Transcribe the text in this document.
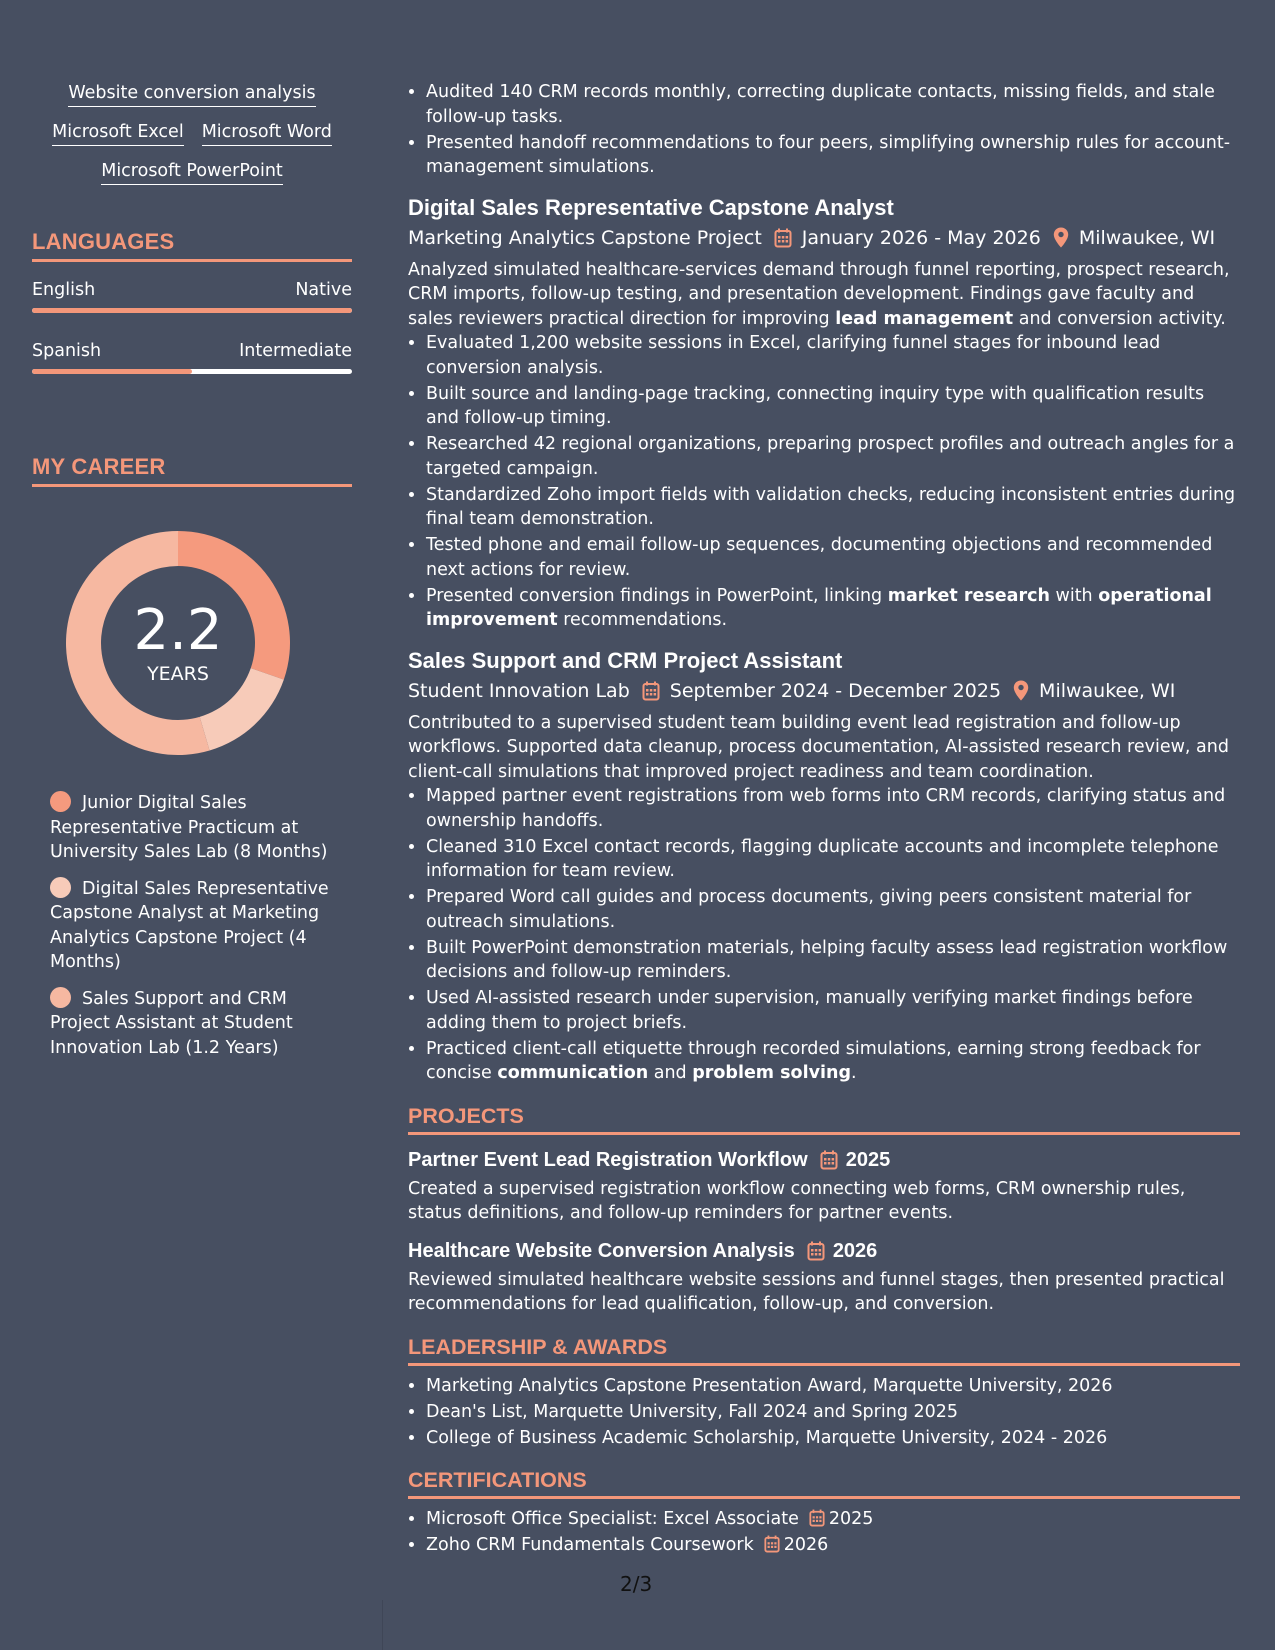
Website conversion analysis
Microsoft Excel Microsoft Word
Microsoft PowerPoint
LANGUAGES
English	Native
Spanish	Intermediate
MY CAREER
2.2
YEARS
Junior Digital Sales Representative Practicum at University Sales Lab (8 Months)
Digital Sales Representative Capstone Analyst at Marketing Analytics Capstone Project (4 Months)
Sales Support and CRM Project Assistant at Student Innovation Lab (1.2 Years)
• Audited 140 CRM records monthly, correcting duplicate contacts, missing fields, and stale follow-up tasks.
• Presented handoff recommendations to four peers, simplifying ownership rules for account-management simulations.
Digital Sales Representative Capstone Analyst
Marketing Analytics Capstone Project January 2026 - May 2026 Milwaukee, WI
Analyzed simulated healthcare-services demand through funnel reporting, prospect research, CRM imports, follow-up testing, and presentation development. Findings gave faculty and sales reviewers practical direction for improving lead management and conversion activity.
• Evaluated 1,200 website sessions in Excel, clarifying funnel stages for inbound lead conversion analysis.
• Built source and landing-page tracking, connecting inquiry type with qualification results and follow-up timing.
• Researched 42 regional organizations, preparing prospect profiles and outreach angles for a targeted campaign.
• Standardized Zoho import fields with validation checks, reducing inconsistent entries during final team demonstration.
• Tested phone and email follow-up sequences, documenting objections and recommended next actions for review.
• Presented conversion findings in PowerPoint, linking market research with operational improvement recommendations.
Sales Support and CRM Project Assistant
Student Innovation Lab September 2024 - December 2025 Milwaukee, WI
Contributed to a supervised student team building event lead registration and follow-up workflows. Supported data cleanup, process documentation, AI-assisted research review, and client-call simulations that improved project readiness and team coordination.
• Mapped partner event registrations from web forms into CRM records, clarifying status and ownership handoffs.
• Cleaned 310 Excel contact records, flagging duplicate accounts and incomplete telephone information for team review.
• Prepared Word call guides and process documents, giving peers consistent material for outreach simulations.
• Built PowerPoint demonstration materials, helping faculty assess lead registration workflow decisions and follow-up reminders.
• Used AI-assisted research under supervision, manually verifying market findings before adding them to project briefs.
• Practiced client-call etiquette through recorded simulations, earning strong feedback for concise communication and problem solving.
PROJECTS
Partner Event Lead Registration Workflow 2025
Created a supervised registration workflow connecting web forms, CRM ownership rules, status definitions, and follow-up reminders for partner events.
Healthcare Website Conversion Analysis 2026
Reviewed simulated healthcare website sessions and funnel stages, then presented practical recommendations for lead qualification, follow-up, and conversion.
LEADERSHIP & AWARDS
• Marketing Analytics Capstone Presentation Award, Marquette University, 2026
• Dean's List, Marquette University, Fall 2024 and Spring 2025
• College of Business Academic Scholarship, Marquette University, 2024 - 2026
CERTIFICATIONS
• Microsoft Office Specialist: Excel Associate 2025
• Zoho CRM Fundamentals Coursework 2026
2/3
